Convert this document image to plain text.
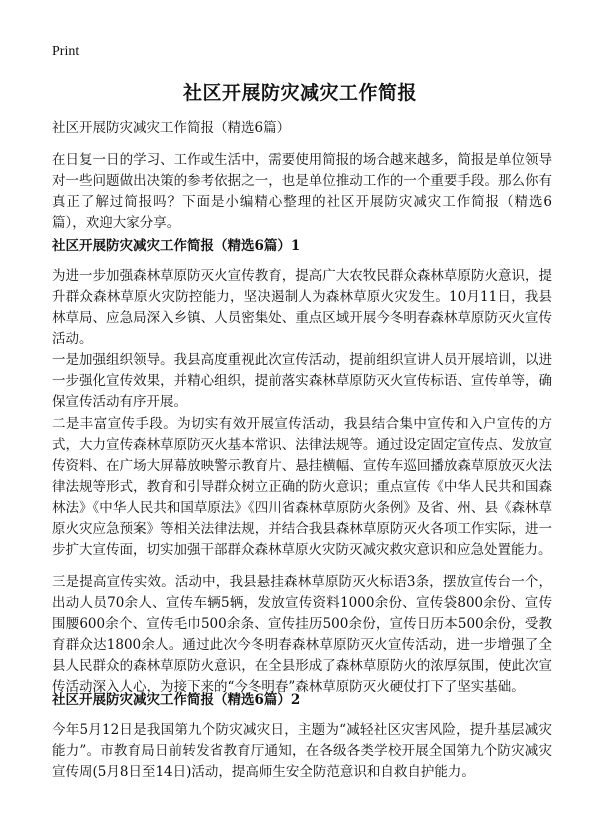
Print
社区开展防灾减灾工作简报

社区开展防灾减灾工作简报（精选6篇）

在日复一日的学习、工作或生活中，需要使用简报的场合越来越多，简报是单位领导对一些问题做出决策的参考依据之一，也是单位推动工作的一个重要手段。那么你有真正了解过简报吗？下面是小编精心整理的社区开展防灾减灾工作简报（精选6篇），欢迎大家分享。

社区开展防灾减灾工作简报（精选6篇）1

为进一步加强森林草原防灭火宣传教育，提高广大农牧民群众森林草原防火意识，提升群众森林草原火灾防控能力，坚决遏制人为森林草原火灾发生。10月11日，我县林草局、应急局深入乡镇、人员密集处、重点区域开展今冬明春森林草原防灭火宣传活动。

一是加强组织领导。我县高度重视此次宣传活动，提前组织宣讲人员开展培训，以进一步强化宣传效果，并精心组织，提前落实森林草原防灭火宣传标语、宣传单等，确保宣传活动有序开展。

二是丰富宣传手段。为切实有效开展宣传活动，我县结合集中宣传和入户宣传的方式，大力宣传森林草原防灭火基本常识、法律法规等。通过设定固定宣传点、发放宣传资料、在广场大屏幕放映警示教育片、悬挂横幅、宣传车巡回播放森草原放灭火法律法规等形式，教育和引导群众树立正确的防火意识；重点宣传《中华人民共和国森林法》《中华人民共和国草原法》《四川省森林草原防火条例》及省、州、县《森林草原火灾应急预案》等相关法律法规，并结合我县森林草原防灭火各项工作实际，进一步扩大宣传面，切实加强干部群众森林草原火灾防灭减灾救灾意识和应急处置能力。

三是提高宣传实效。活动中，我县悬挂森林草原防灭火标语3条，摆放宣传台一个，出动人员70余人、宣传车辆5辆，发放宣传资料1000余份、宣传袋800余份、宣传围腰600余个、宣传毛巾500余条、宣传挂历500余份，宣传日历本500余份，受教育群众达1800余人。通过此次今冬明春森林草原防灭火宣传活动，进一步增强了全县人民群众的森林草原防火意识，在全县形成了森林草原防火的浓厚氛围，使此次宣传活动深入人心，为接下来的“今冬明春”森林草原防灭火硬仗打下了坚实基础。

社区开展防灾减灾工作简报（精选6篇）2

今年5月12日是我国第九个防灾减灾日，主题为“减轻社区灾害风险，提升基层减灾能力”。市教育局日前转发省教育厅通知，在各级各类学校开展全国第九个防灾减灾宣传周(5月8日至14日)活动，提高师生安全防范意识和自救自护能力。
